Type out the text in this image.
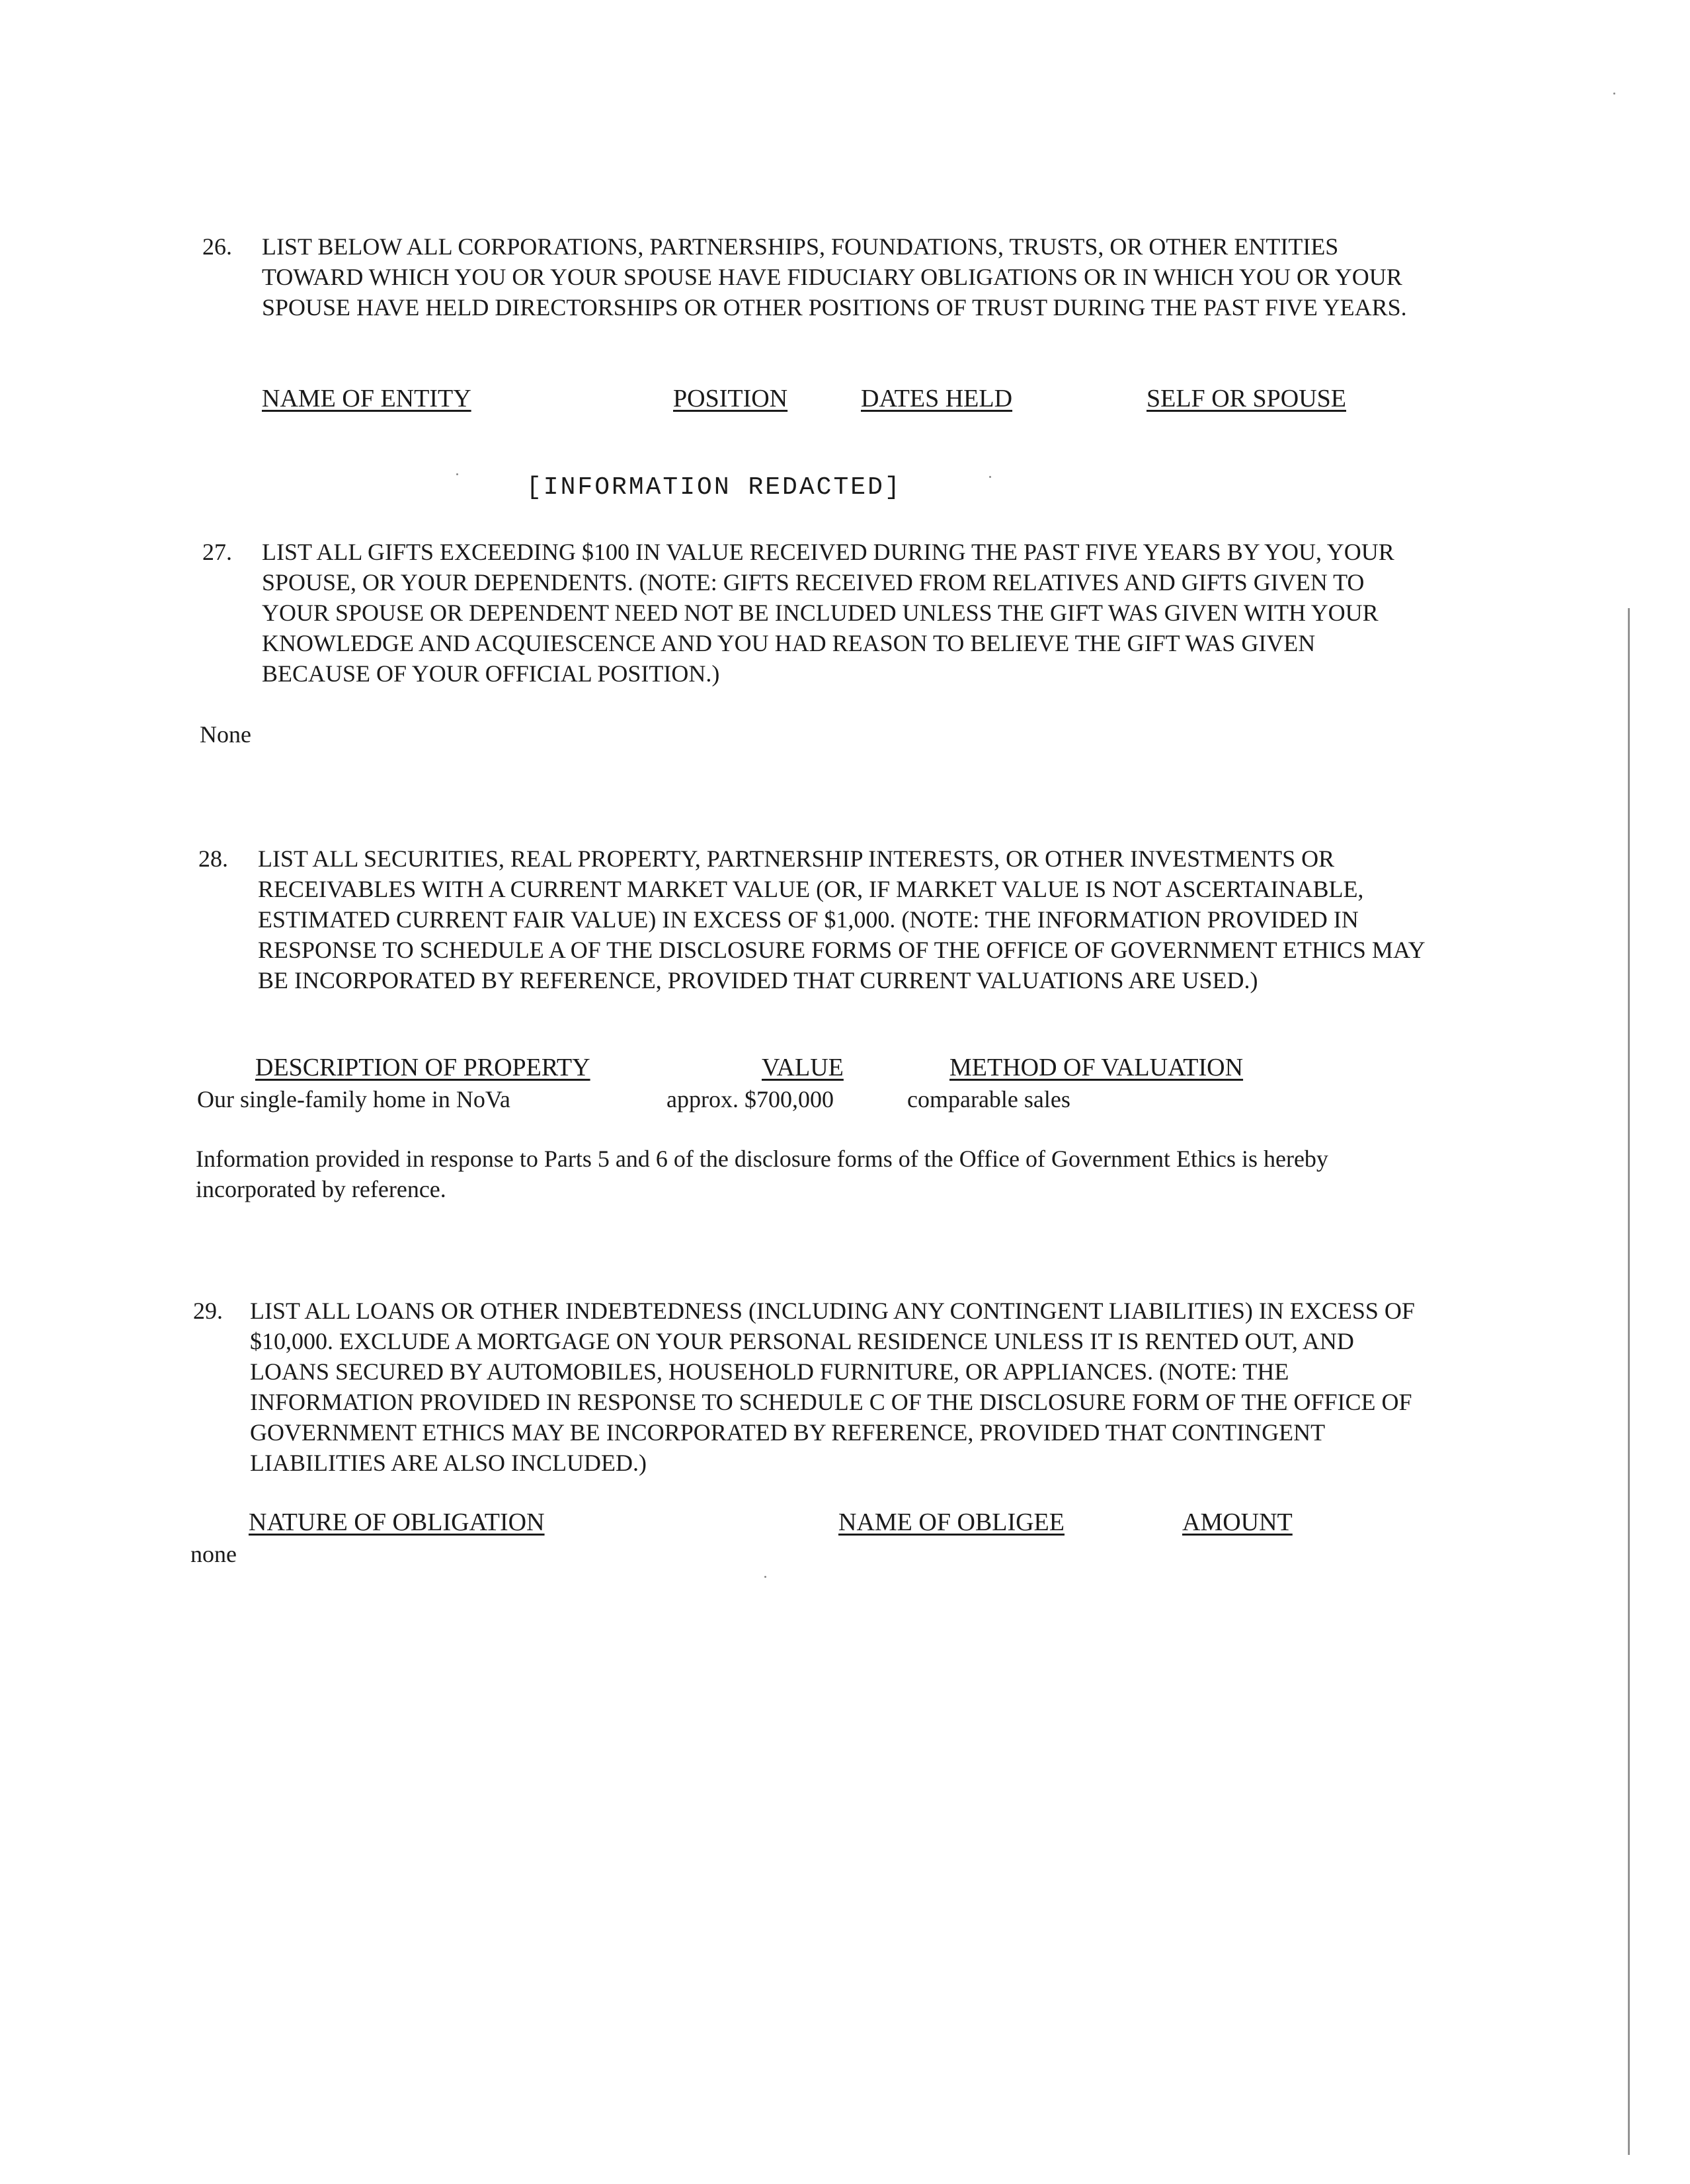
26. LIST BELOW ALL CORPORATIONS, PARTNERSHIPS, FOUNDATIONS, TRUSTS, OR OTHER ENTITIES TOWARD WHICH YOU OR YOUR SPOUSE HAVE FIDUCIARY OBLIGATIONS OR IN WHICH YOU OR YOUR SPOUSE HAVE HELD DIRECTORSHIPS OR OTHER POSITIONS OF TRUST DURING THE PAST FIVE YEARS.
NAME OF ENTITY	POSITION	DATES HELD	SELF OR SPOUSE
[INFORMATION REDACTED]
27. LIST ALL GIFTS EXCEEDING $100 IN VALUE RECEIVED DURING THE PAST FIVE YEARS BY YOU, YOUR SPOUSE, OR YOUR DEPENDENTS. (NOTE: GIFTS RECEIVED FROM RELATIVES AND GIFTS GIVEN TO YOUR SPOUSE OR DEPENDENT NEED NOT BE INCLUDED UNLESS THE GIFT WAS GIVEN WITH YOUR KNOWLEDGE AND ACQUIESCENCE AND YOU HAD REASON TO BELIEVE THE GIFT WAS GIVEN BECAUSE OF YOUR OFFICIAL POSITION.)
None
28. LIST ALL SECURITIES, REAL PROPERTY, PARTNERSHIP INTERESTS, OR OTHER INVESTMENTS OR RECEIVABLES WITH A CURRENT MARKET VALUE (OR, IF MARKET VALUE IS NOT ASCERTAINABLE, ESTIMATED CURRENT FAIR VALUE) IN EXCESS OF $1,000. (NOTE: THE INFORMATION PROVIDED IN RESPONSE TO SCHEDULE A OF THE DISCLOSURE FORMS OF THE OFFICE OF GOVERNMENT ETHICS MAY BE INCORPORATED BY REFERENCE, PROVIDED THAT CURRENT VALUATIONS ARE USED.)
DESCRIPTION OF PROPERTY	VALUE	METHOD OF VALUATION
Our single-family home in NoVa	approx. $700,000	comparable sales
Information provided in response to Parts 5 and 6 of the disclosure forms of the Office of Government Ethics is hereby incorporated by reference.
29. LIST ALL LOANS OR OTHER INDEBTEDNESS (INCLUDING ANY CONTINGENT LIABILITIES) IN EXCESS OF $10,000. EXCLUDE A MORTGAGE ON YOUR PERSONAL RESIDENCE UNLESS IT IS RENTED OUT, AND LOANS SECURED BY AUTOMOBILES, HOUSEHOLD FURNITURE, OR APPLIANCES. (NOTE: THE INFORMATION PROVIDED IN RESPONSE TO SCHEDULE C OF THE DISCLOSURE FORM OF THE OFFICE OF GOVERNMENT ETHICS MAY BE INCORPORATED BY REFERENCE, PROVIDED THAT CONTINGENT LIABILITIES ARE ALSO INCLUDED.)
NATURE OF OBLIGATION	NAME OF OBLIGEE	AMOUNT
none
